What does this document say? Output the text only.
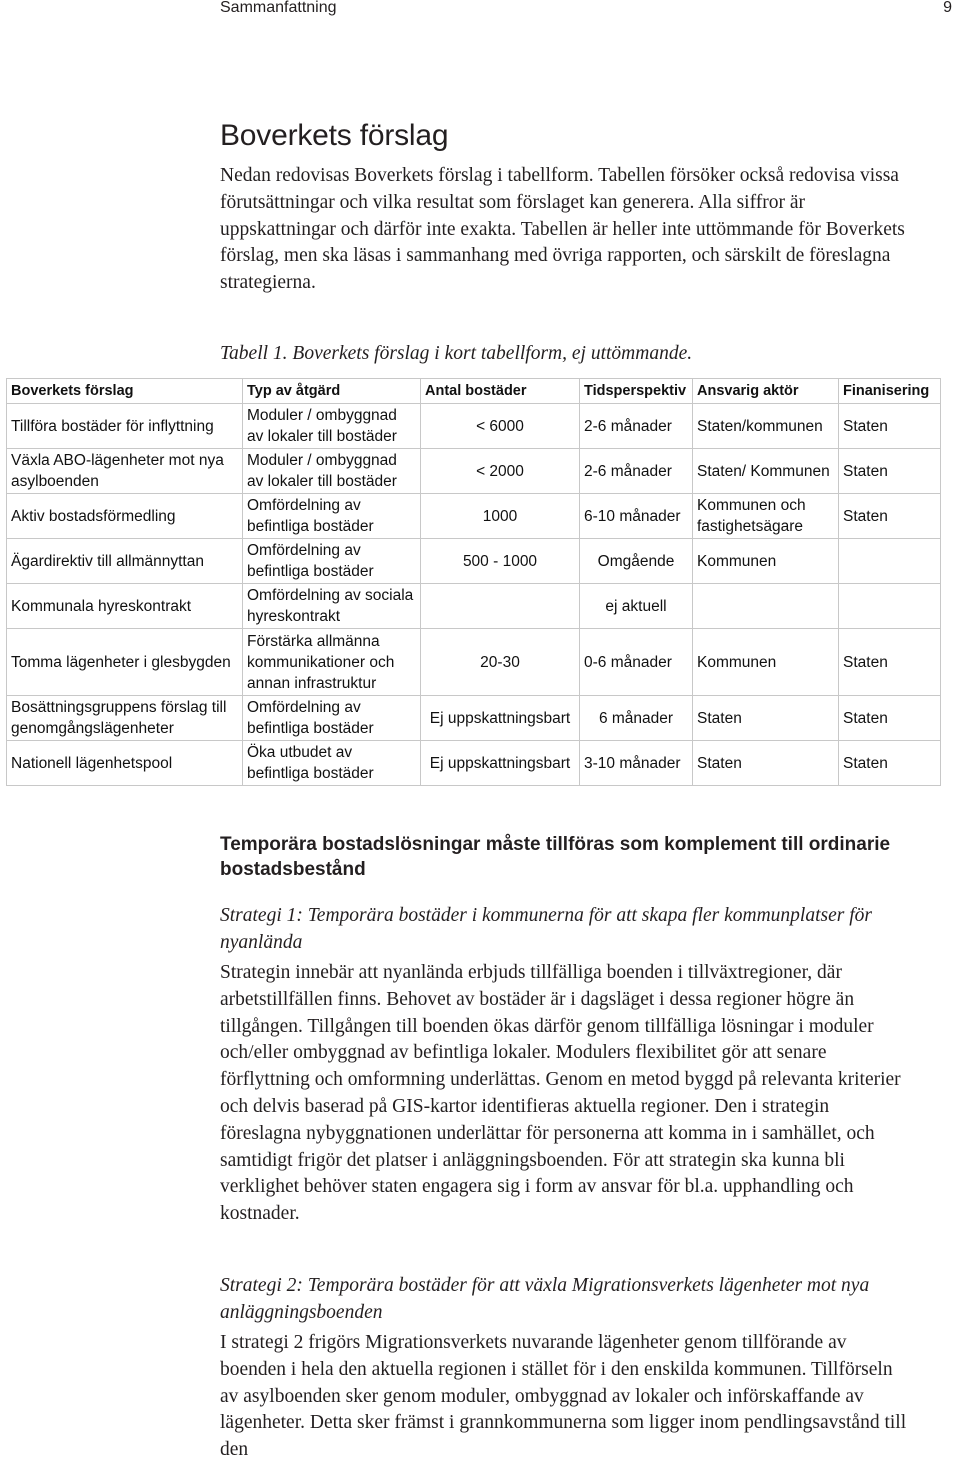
Sammanfattning	9
Boverkets förslag

Nedan redovisas Boverkets förslag i tabellform. Tabellen försöker också redovisa vissa förutsättningar och vilka resultat som förslaget kan generera. Alla siffror är uppskattningar och därför inte exakta. Tabellen är heller inte uttömmande för Boverkets förslag, men ska läsas i sammanhang med övriga rapporten, och särskilt de föreslagna strategierna.

Tabell 1. Boverkets förslag i kort tabellform, ej uttömmande.

Boverkets förslag	Typ av åtgärd	Antal bostäder	Tidsperspektiv	Ansvarig aktör	Finanisering
Tillföra bostäder för inflyttning	Moduler / ombyggnad av lokaler till bostäder	< 6000	2-6 månader	Staten/kommunen	Staten
Växla ABO-lägenheter mot nya asylboenden	Moduler / ombyggnad av lokaler till bostäder	< 2000	2-6 månader	Staten/ Kommunen	Staten
Aktiv bostadsförmedling	Omfördelning av befintliga bostäder	1000	6-10 månader	Kommunen och fastighetsägare	Staten
Ägardirektiv till allmännyttan	Omfördelning av befintliga bostäder	500 - 1000	Omgående	Kommunen	
Kommunala hyreskontrakt	Omfördelning av sociala hyreskontrakt		ej aktuell		
Tomma lägenheter i glesbygden	Förstärka allmänna kommunikationer och annan infrastruktur	20-30	0-6 månader	Kommunen	Staten
Bosättningsgruppens förslag till genomgångslägenheter	Omfördelning av befintliga bostäder	Ej uppskattningsbart	6 månader	Staten	Staten
Nationell lägenhetspool	Öka utbudet av befintliga bostäder	Ej uppskattningsbart	3-10 månader	Staten	Staten
Temporära bostadslösningar måste tillföras som komplement till ordinarie bostadsbestånd

Strategi 1: Temporära bostäder i kommunerna för att skapa fler kommunplatser för nyanlända

Strategin innebär att nyanlända erbjuds tillfälliga boenden i tillväxtregioner, där arbetstillfällen finns. Behovet av bostäder är i dagsläget i dessa regioner högre än tillgången. Tillgången till boenden ökas därför genom tillfälliga lösningar i moduler och/eller ombyggnad av befintliga lokaler. Modulers flexibilitet gör att senare förflyttning och omformning underlättas. Genom en metod byggd på relevanta kriterier och delvis baserad på GIS-kartor identifieras aktuella regioner. Den i strategin föreslagna nybyggnationen underlättar för personerna att komma in i samhället, och samtidigt frigör det platser i anläggningsboenden. För att strategin ska kunna bli verklighet behöver staten engagera sig i form av ansvar för bl.a. upphandling och kostnader.

Strategi 2: Temporära bostäder för att växla Migrationsverkets lägenheter mot nya anläggningsboenden

I strategi 2 frigörs Migrationsverkets nuvarande lägenheter genom tillförande av boenden i hela den aktuella regionen i stället för i den enskilda kommunen. Tillförseln av asylboenden sker genom moduler, ombyggnad av lokaler och införskaffande av lägenheter. Detta sker främst i grannkommunerna som ligger inom pendlingsavstånd till den
